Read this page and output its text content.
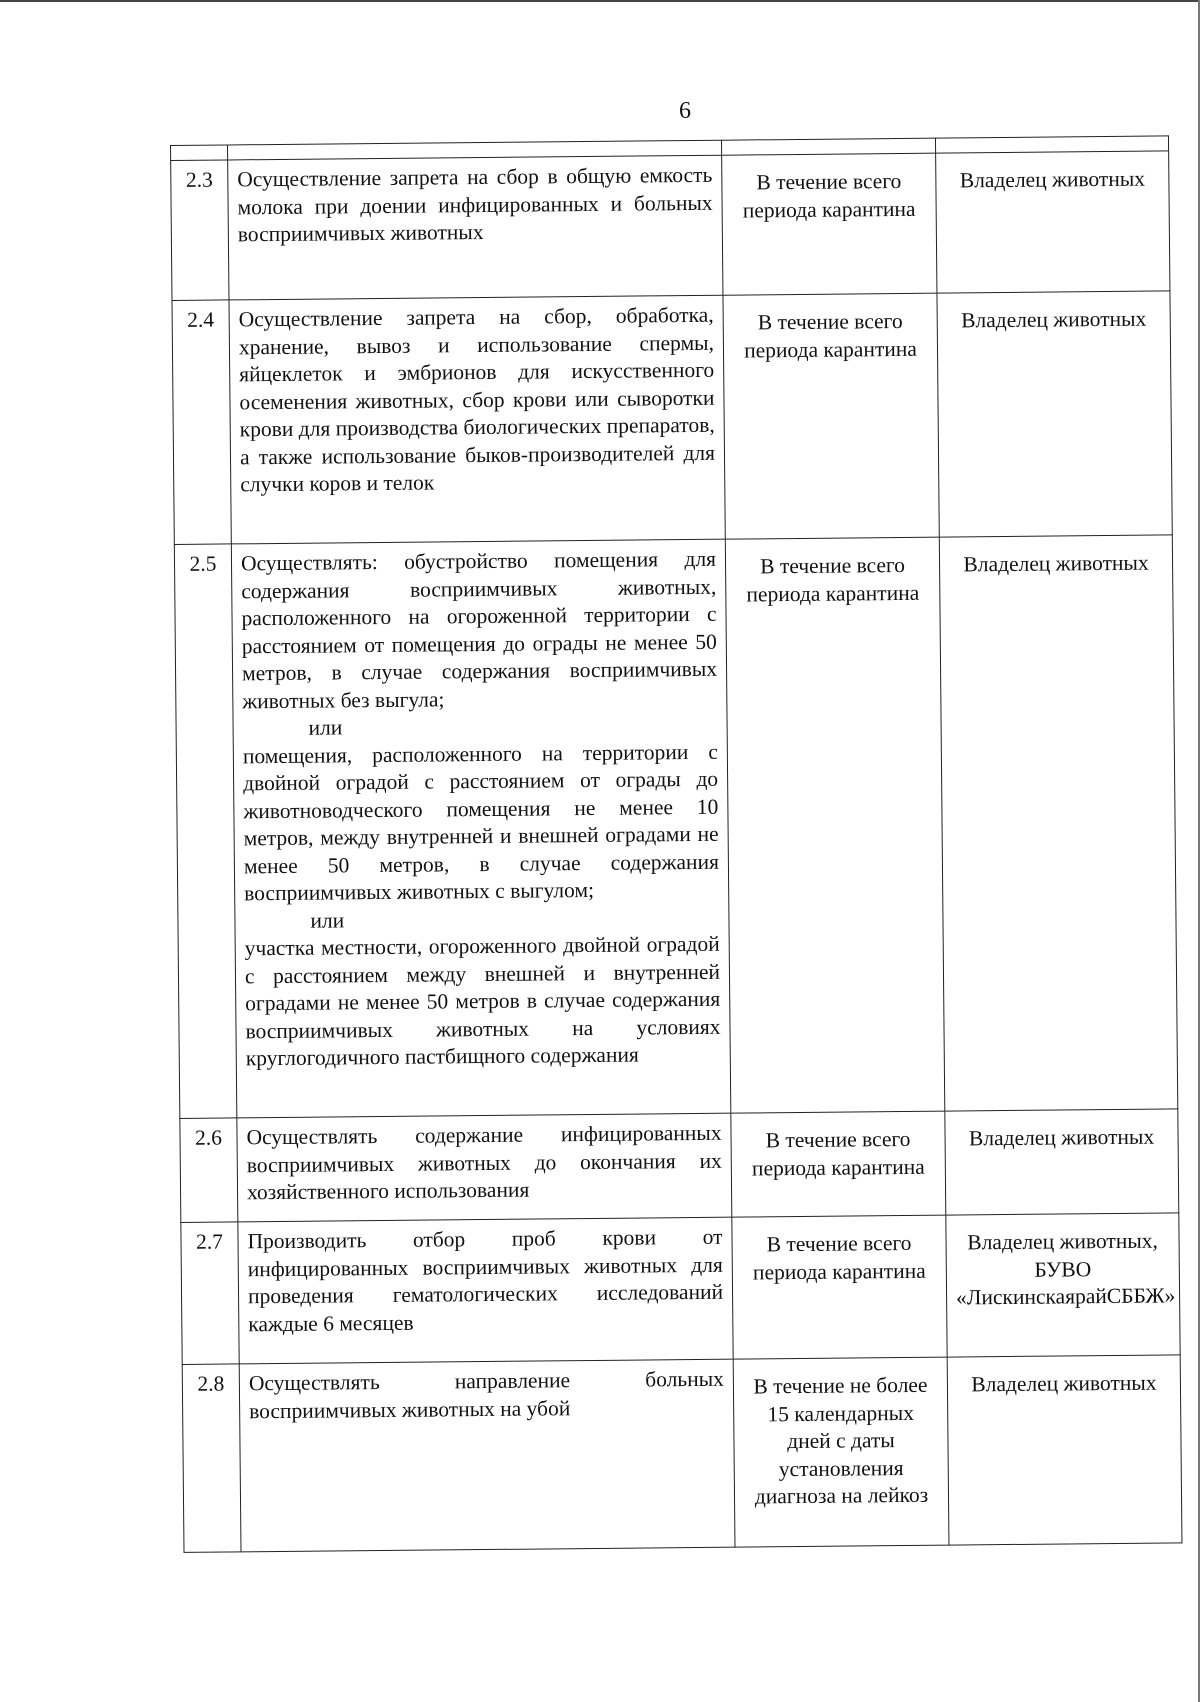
6

2.3	Осуществление запрета на сбор в общую емкость молока при доении инфицированных и больных восприимчивых животных	В течение всего периода карантина	Владелец животных
2.4	Осуществление запрета на сбор, обработка, хранение, вывоз и использование спермы, яйцеклеток и эмбрионов для искусственного осеменения животных, сбор крови или сыворотки крови для производства биологических препаратов, а также использование быков-производителей для случки коров и телок	В течение всего периода карантина	Владелец животных
2.5	Осуществлять: обустройство помещения для содержания восприимчивых животных, расположенного на огороженной территории с расстоянием от помещения до ограды не менее 50 метров, в случае содержания восприимчивых животных без выгула;
или
помещения, расположенного на территории с двойной оградой с расстоянием от ограды до животноводческого помещения не менее 10 метров, между внутренней и внешней оградами не менее 50 метров, в случае содержания восприимчивых животных с выгулом;
или
участка местности, огороженного двойной оградой с расстоянием между внешней и внутренней оградами не менее 50 метров в случае содержания восприимчивых животных на условиях круглогодичного пастбищного содержания	В течение всего периода карантина	Владелец животных
2.6	Осуществлять содержание инфицированных восприимчивых животных до окончания их хозяйственного использования	В течение всего периода карантина	Владелец животных
2.7	Производить отбор проб крови от инфицированных восприимчивых животных для проведения гематологических исследований каждые 6 месяцев	В течение всего периода карантина	Владелец животных, БУВО «ЛискинскаярайСББЖ»
2.8	Осуществлять направление больных восприимчивых животных на убой	В течение не более 15 календарных дней с даты установления диагноза на лейкоз	Владелец животных
